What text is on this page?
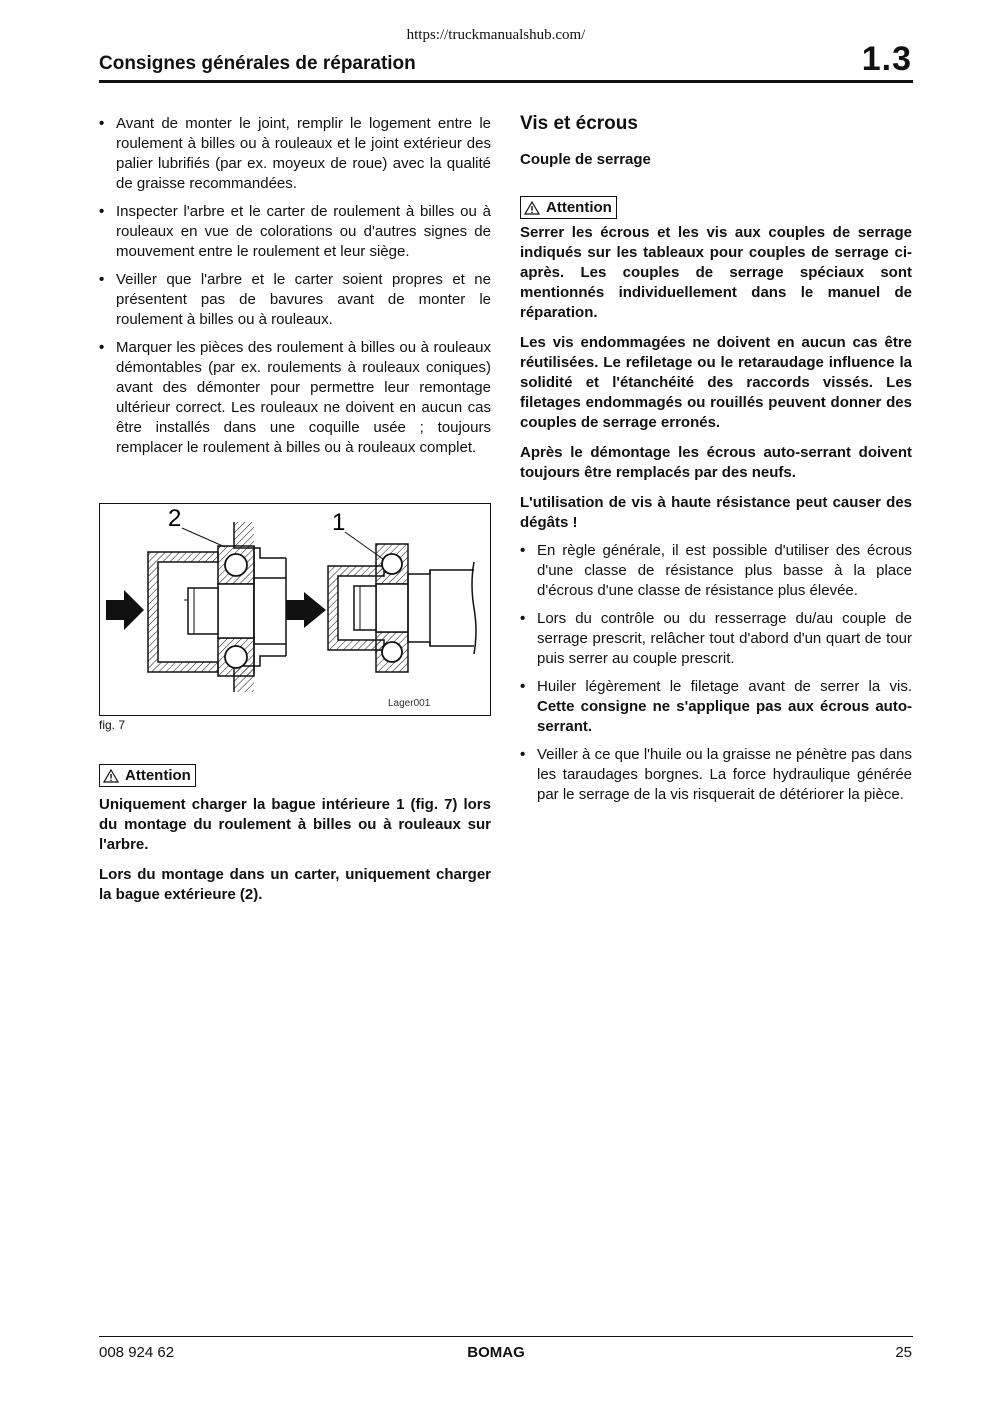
https://truckmanualshub.com/
Consignes générales de réparation	1.3
• Avant de monter le joint, remplir le logement entre le roulement à billes ou à rouleaux et le joint extérieur des palier lubrifiés (par ex. moyeux de roue) avec la qualité de graisse recommandées.
• Inspecter l'arbre et le carter de roulement à billes ou à rouleaux en vue de colorations ou d'autres signes de mouvement entre le roulement et leur siège.
• Veiller que l'arbre et le carter soient propres et ne présentent pas de bavures avant de monter le roulement à billes ou à rouleaux.
• Marquer les pièces des roulement à billes ou à rouleaux démontables (par ex. roulements à rouleaux coniques) avant des démonter pour permettre leur remontage ultérieur correct. Les rouleaux ne doivent en aucun cas être installés dans une coquille usée ; toujours remplacer le roulement à billes ou à rouleaux complet.
2	1
Lager001
fig. 7
Attention

Uniquement charger la bague intérieure 1 (fig. 7) lors du montage du roulement à billes ou à rouleaux sur l'arbre.

Lors du montage dans un carter, uniquement charger la bague extérieure (2).

Vis et écrous
Couple de serrage
Attention

Serrer les écrous et les vis aux couples de serrage indiqués sur les tableaux pour couples de serrage ci-après. Les couples de serrage spéciaux sont mentionnés individuellement dans le manuel de réparation.

Les vis endommagées ne doivent en aucun cas être réutilisées. Le refiletage ou le retaraudage influence la solidité et l'étanchéité des raccords vissés. Les filetages endommagés ou rouillés peuvent donner des couples de serrage erronés.

Après le démontage les écrous auto-serrant doivent toujours être remplacés par des neufs.

L'utilisation de vis à haute résistance peut causer des dégâts !

• En règle générale, il est possible d'utiliser des écrous d'une classe de résistance plus basse à la place d'écrous d'une classe de résistance plus élevée.
• Lors du contrôle ou du resserrage du/au couple de serrage prescrit, relâcher tout d'abord d'un quart de tour puis serrer au couple prescrit.
• Huiler légèrement le filetage avant de serrer la vis. Cette consigne ne s'applique pas aux écrous auto-serrant.
• Veiller à ce que l'huile ou la graisse ne pénètre pas dans les taraudages borgnes. La force hydraulique générée par le serrage de la vis risquerait de détériorer la pièce.
008 924 62	BOMAG	25
